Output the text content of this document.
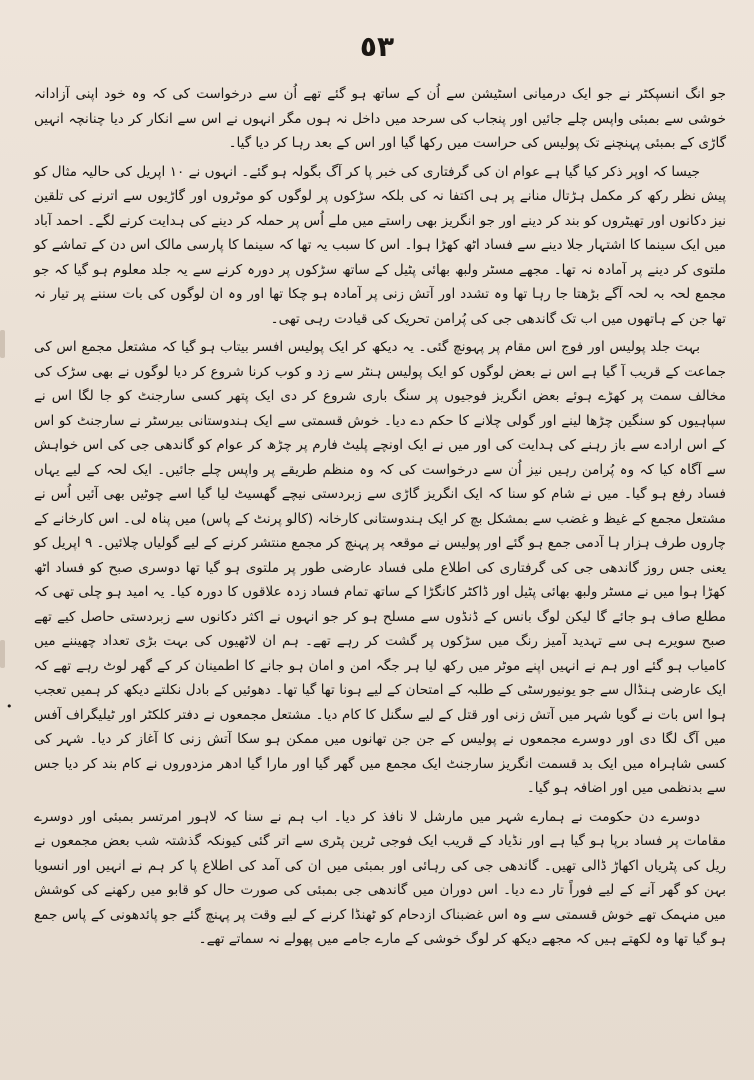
٥٣
•

جو انگ انسپکٹر نے جو ایک درمیانی اسٹیشن سے اُن کے ساتھ ہو گئے تھے اُن سے درخواست کی کہ وہ خود اپنی آزادانہ خوشی سے بمبئی واپس چلے جائیں اور پنجاب کی سرحد میں داخل نہ ہوں مگر انہوں نے اس سے انکار کر دیا چنانچہ انہیں گاڑی کے بمبئی پہنچنے تک پولیس کی حراست میں رکھا گیا اور اس کے بعد رہا کر دیا گیا۔

جیسا کہ اوپر ذکر کیا گیا ہے عوام ان کی گرفتاری کی خبر پا کر آگ بگولہ ہو گئے۔ انہوں نے ۱۰ اپریل کی حالیہ مثال کو پیش نظر رکھ کر مکمل ہڑتال منانے پر ہی اکتفا نہ کی بلکہ سڑکوں پر لوگوں کو موٹروں اور گاڑیوں سے اترنے کی تلقین نیز دکانوں اور تھیٹروں کو بند کر دینے اور جو انگریز بھی راستے میں ملے اُس پر حملہ کر دینے کی ہدایت کرنے لگے۔ احمد آباد میں ایک سینما کا اشتہار جلا دینے سے فساد اٹھ کھڑا ہوا۔ اس کا سبب یہ تھا کہ سینما کا پارسی مالک اس دن کے تماشے کو ملتوی کر دینے پر آمادہ نہ تھا۔ مجھے مسٹر ولبھ بھائی پٹیل کے ساتھ سڑکوں پر دورہ کرنے سے یہ جلد معلوم ہو گیا کہ جو مجمع لحہ بہ لحہ آگے بڑھتا جا رہا تھا وہ تشدد اور آتش زنی پر آمادہ ہو چکا تھا اور وہ ان لوگوں کی بات سننے پر تیار نہ تھا جن کے ہاتھوں میں اب تک گاندھی جی کی پُرامن تحریک کی قیادت رہی تھی۔

بہت جلد پولیس اور فوج اس مقام پر پہونچ گئی۔ یہ دیکھ کر ایک پولیس افسر بیتاب ہو گیا کہ مشتعل مجمع اس کی جماعت کے قریب آ گیا ہے اس نے بعض لوگوں کو ایک پولیس ہنٹر سے زد و کوب کرنا شروع کر دیا لوگوں نے بھی سڑک کی مخالف سمت پر کھڑے ہوئے بعض انگریز فوجیوں پر سنگ باری شروع کر دی ایک پتھر کسی سارجنٹ کو جا لگا اس نے سپاہیوں کو سنگین چڑھا لینے اور گولی چلانے کا حکم دے دیا۔ خوش قسمتی سے ایک ہندوستانی بیرسٹر نے سارجنٹ کو اس کے اس ارادے سے باز رہنے کی ہدایت کی اور میں نے ایک اونچے پلیٹ فارم پر چڑھ کر عوام کو گاندھی جی کی اس خواہش سے آگاہ کیا کہ وہ پُرامن رہیں نیز اُن سے درخواست کی کہ وہ منظم طریقے پر واپس چلے جائیں۔ ایک لحہ کے لیے یہاں فساد رفع ہو گیا۔ میں نے شام کو سنا کہ ایک انگریز گاڑی سے زبردستی نیچے گھسیٹ لیا گیا اسے چوٹیں بھی آئیں اُس نے مشتعل مجمع کے غیظ و غضب سے بمشکل بچ کر ایک ہندوستانی کارخانہ (کالو پرنٹ کے پاس) میں پناہ لی۔ اس کارخانے کے چاروں طرف ہزار ہا آدمی جمع ہو گئے اور پولیس نے موقعہ پر پہنچ کر مجمع منتشر کرنے کے لیے گولیاں چلائیں۔ ۹ اپریل کو یعنی جس روز گاندھی جی کی گرفتاری کی اطلاع ملی فساد عارضی طور پر ملتوی ہو گیا تھا دوسری صبح کو فساد اٹھ کھڑا ہوا میں نے مسٹر ولبھ بھائی پٹیل اور ڈاکٹر کانگڑا کے ساتھ تمام فساد زدہ علاقوں کا دورہ کیا۔ یہ امید ہو چلی تھی کہ مطلع صاف ہو جائے گا لیکن لوگ بانس کے ڈنڈوں سے مسلح ہو کر جو انہوں نے اکثر دکانوں سے زبردستی حاصل کیے تھے صبح سویرے ہی سے تہدید آمیز رنگ میں سڑکوں پر گشت کر رہے تھے۔ ہم ان لاٹھیوں کی بہت بڑی تعداد چھیننے میں کامیاب ہو گئے اور ہم نے انہیں اپنے موٹر میں رکھ لیا ہر جگہ امن و امان ہو جانے کا اطمینان کر کے گھر لوٹ رہے تھے کہ ایک عارضی ہنڈال سے جو یونیورسٹی کے طلبہ کے امتحان کے لیے ہونا تھا گیا تھا۔ دھوئیں کے بادل نکلتے دیکھ کر ہمیں تعجب ہوا اس بات نے گویا شہر میں آتش زنی اور قتل کے لیے سگنل کا کام دیا۔ مشتعل مجمعوں نے دفتر کلکٹر اور ٹیلیگراف آفس میں آگ لگا دی اور دوسرے مجمعوں نے پولیس کے جن جن تھانوں میں ممکن ہو سکا آتش زنی کا آغاز کر دیا۔ شہر کی کسی شاہراہ میں ایک بد قسمت انگریز سارجنٹ ایک مجمع میں گھر گیا اور مارا گیا ادھر مزدوروں نے کام بند کر دیا جس سے بدنظمی میں اور اضافہ ہو گیا۔

دوسرے دن حکومت نے ہمارے شہر میں مارشل لا نافذ کر دیا۔ اب ہم نے سنا کہ لاہور امرتسر بمبئی اور دوسرے مقامات پر فساد برپا ہو گیا ہے اور نڈیاد کے قریب ایک فوجی ٹرین پٹری سے اتر گئی کیونکہ گذشتہ شب بعض مجمعوں نے ریل کی پٹریاں اکھاڑ ڈالی تھیں۔ گاندھی جی کی رہائی اور بمبئی میں ان کی آمد کی اطلاع پا کر ہم نے انہیں اور انسویا بہن کو گھر آنے کے لیے فوراً تار دے دیا۔ اس دوران میں گاندھی جی بمبئی کی صورت حال کو قابو میں رکھنے کی کوشش میں منہمک تھے خوش قسمتی سے وہ اس غضبناک ازدحام کو ٹھنڈا کرنے کے لیے وقت پر پہنچ گئے جو پائدھونی کے پاس جمع ہو گیا تھا وہ لکھتے ہیں کہ مجھے دیکھ کر لوگ خوشی کے مارے جامے میں پھولے نہ سماتے تھے۔
